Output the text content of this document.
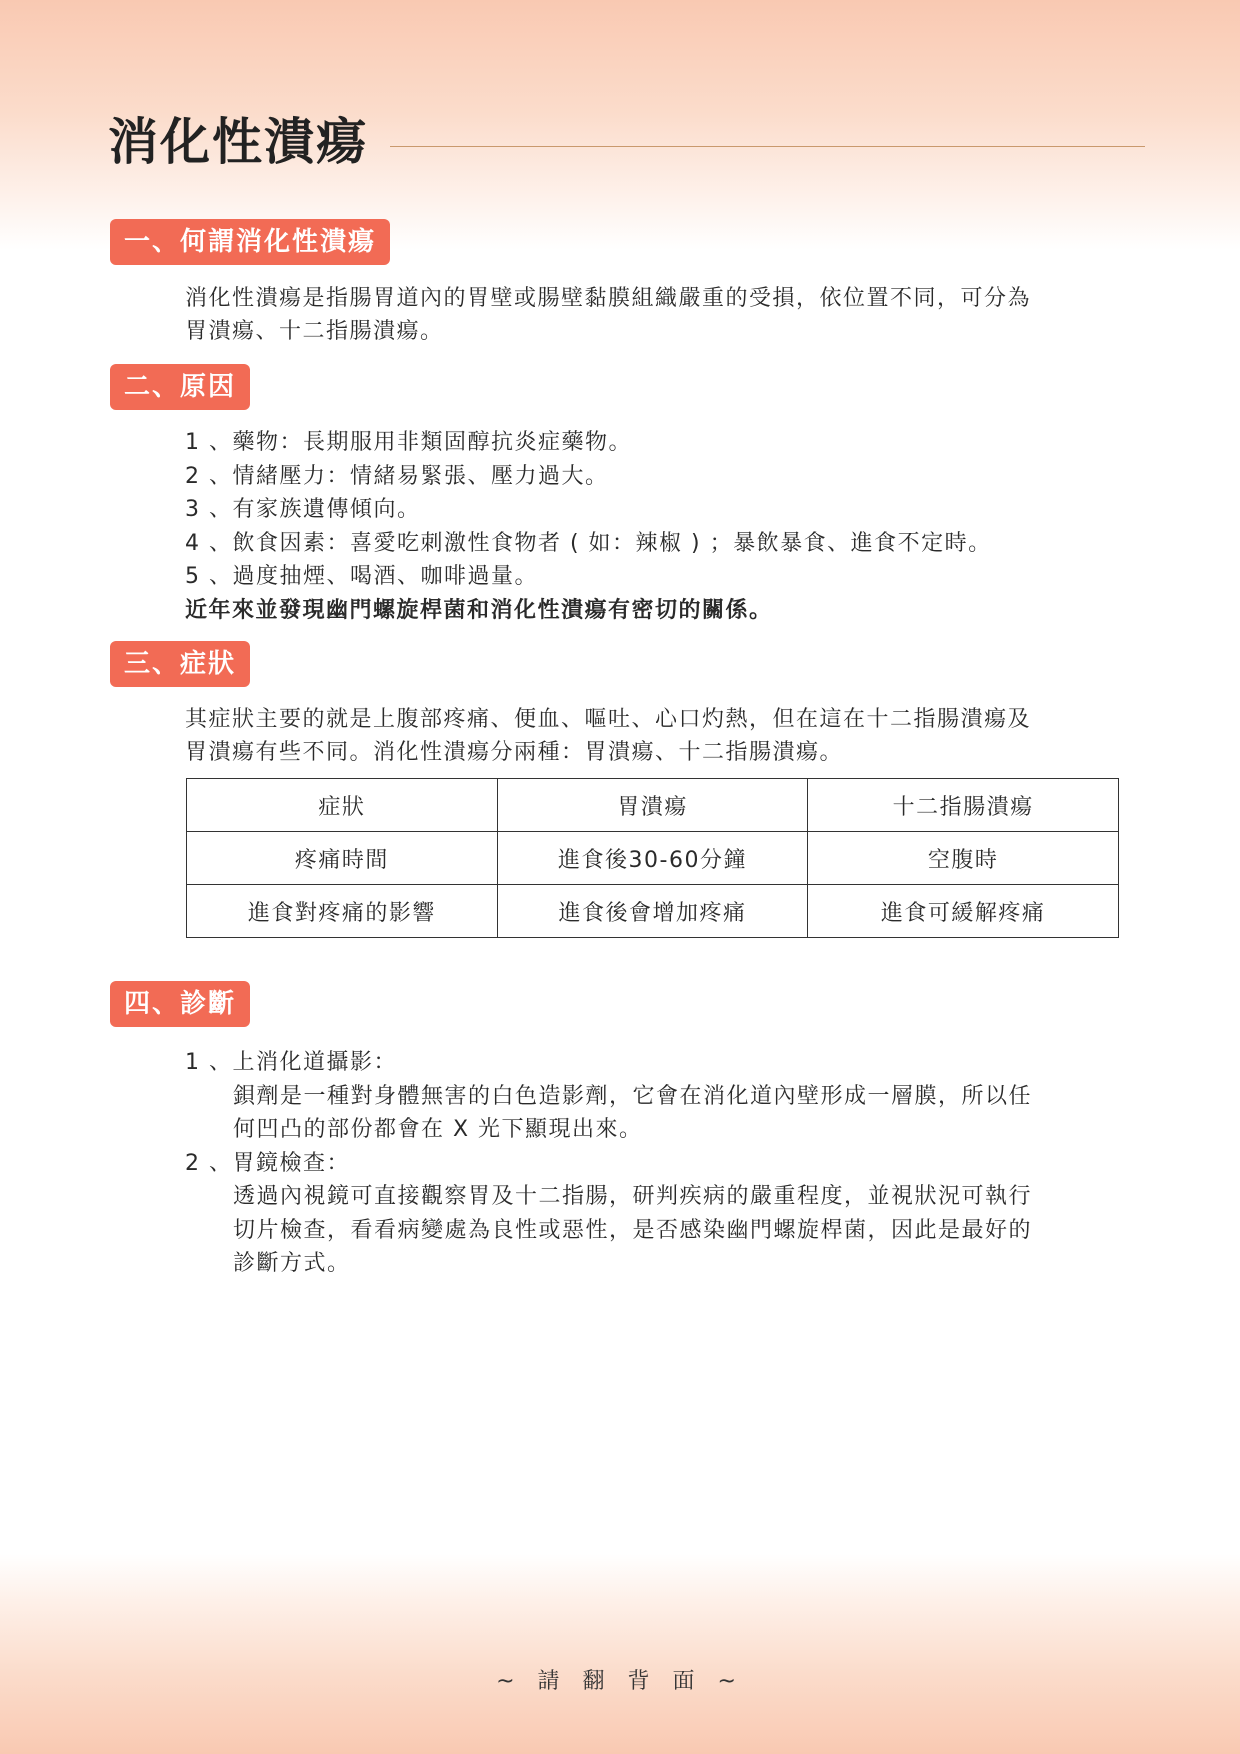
消化性潰瘍
一、何謂消化性潰瘍
消化性潰瘍是指腸胃道內的胃壁或腸壁黏膜組織嚴重的受損，依位置不同，可分為
胃潰瘍、十二指腸潰瘍。
二、原因
1 、藥物：長期服用非類固醇抗炎症藥物。
2 、情緒壓力：情緒易緊張、壓力過大。
3 、有家族遺傳傾向。
4 、飲食因素：喜愛吃刺激性食物者 ( 如：辣椒 ) ；暴飲暴食、進食不定時。
5 、過度抽煙、喝酒、咖啡過量。
近年來並發現幽門螺旋桿菌和消化性潰瘍有密切的關係。
三、症狀
其症狀主要的就是上腹部疼痛、便血、嘔吐、心口灼熱，但在這在十二指腸潰瘍及
胃潰瘍有些不同。消化性潰瘍分兩種：胃潰瘍、十二指腸潰瘍。
症狀	胃潰瘍	十二指腸潰瘍
疼痛時間	進食後30-60分鐘	空腹時
進食對疼痛的影響	進食後會增加疼痛	進食可緩解疼痛
四、診斷
1 、上消化道攝影：
鋇劑是一種對身體無害的白色造影劑，它會在消化道內壁形成一層膜，所以任
何凹凸的部份都會在 X 光下顯現出來。
2 、胃鏡檢查：
透過內視鏡可直接觀察胃及十二指腸，研判疾病的嚴重程度，並視狀況可執行
切片檢查，看看病變處為良性或惡性，是否感染幽門螺旋桿菌，因此是最好的
診斷方式。
~ 請 翻 背 面 ~
